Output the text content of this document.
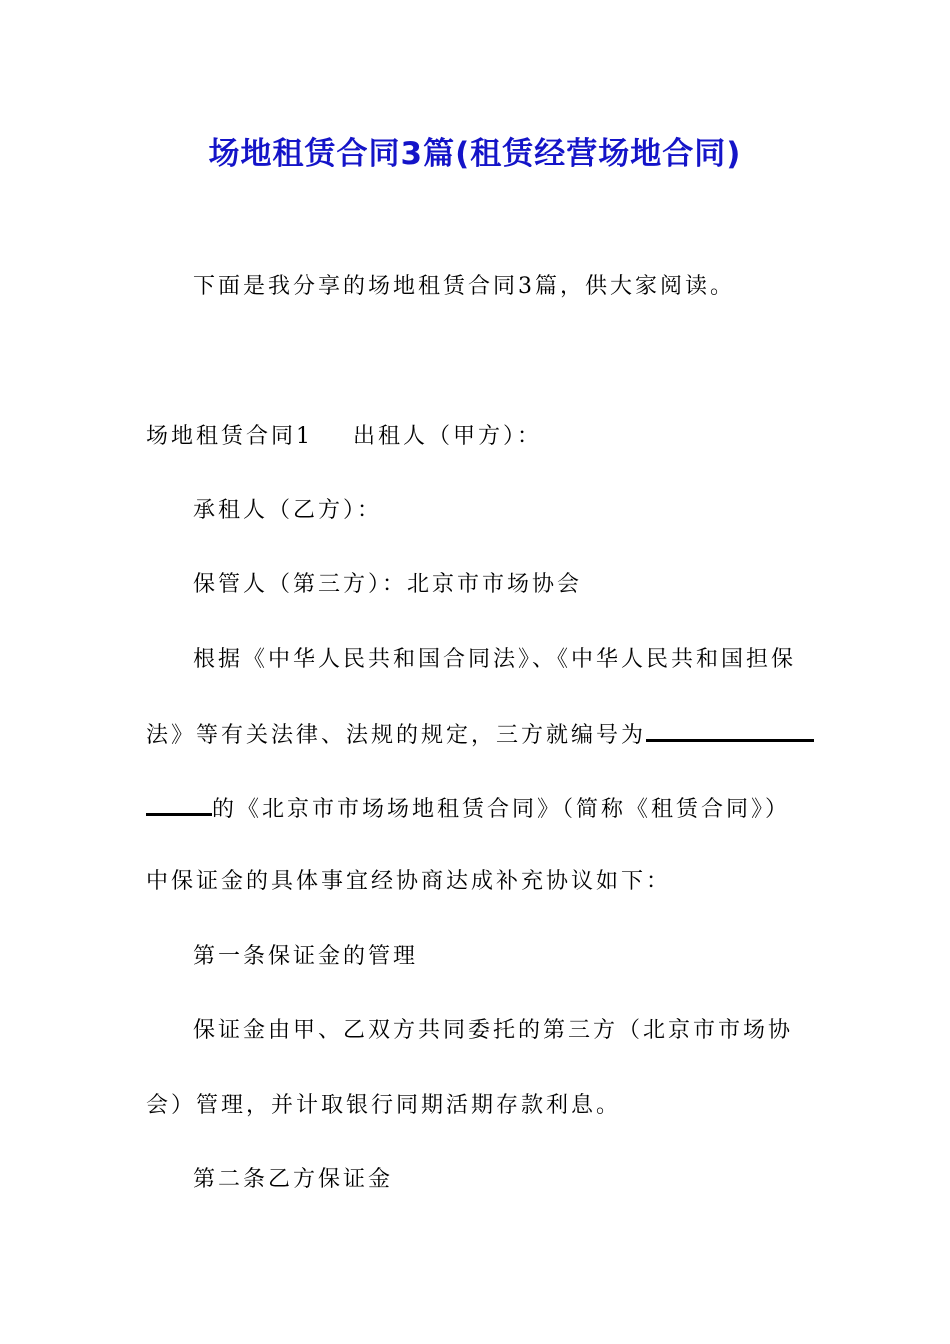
场地租赁合同3篇(租赁经营场地合同)
下面是我分享的场地租赁合同3篇，供大家阅读。
场地租赁合同1 出租人（甲方）：
承租人（乙方）：
保管人（第三方）：北京市市场协会
根据《中华人民共和国合同法》、《中华人民共和国担保
法》等有关法律、法规的规定，三方就编号为
的《北京市市场场地租赁合同》（简称《租赁合同》）
中保证金的具体事宜经协商达成补充协议如下：
第一条保证金的管理
保证金由甲、乙双方共同委托的第三方（北京市市场协
会）管理，并计取银行同期活期存款利息。
第二条乙方保证金
